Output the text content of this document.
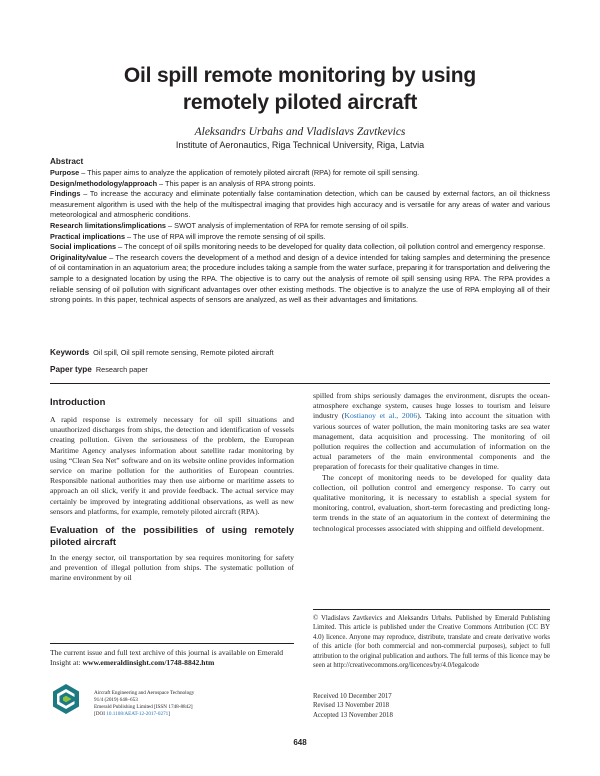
Oil spill remote monitoring by using
remotely piloted aircraft
Aleksandrs Urbahs and Vladislavs Zavtkevics
Institute of Aeronautics, Riga Technical University, Riga, Latvia
Abstract

Purpose – This paper aims to analyze the application of remotely piloted aircraft (RPA) for remote oil spill sensing.

Design/methodology/approach – This paper is an analysis of RPA strong points.

Findings – To increase the accuracy and eliminate potentially false contamination detection, which can be caused by external factors, an oil thickness measurement algorithm is used with the help of the multispectral imaging that provides high accuracy and is versatile for any areas of water and various meteorological and atmospheric conditions.

Research limitations/implications – SWOT analysis of implementation of RPA for remote sensing of oil spills.

Practical implications – The use of RPA will improve the remote sensing of oil spills.

Social implications – The concept of oil spills monitoring needs to be developed for quality data collection, oil pollution control and emergency response.

Originality/value – The research covers the development of a method and design of a device intended for taking samples and determining the presence of oil contamination in an aquatorium area; the procedure includes taking a sample from the water surface, preparing it for transportation and delivering the sample to a designated location by using the RPA. The objective is to carry out the analysis of remote oil spill sensing using RPA. The RPA provides a reliable sensing of oil pollution with significant advantages over other existing methods. The objective is to analyze the use of RPA employing all of their strong points. In this paper, technical aspects of sensors are analyzed, as well as their advantages and limitations.

Keywords Oil spill, Oil spill remote sensing, Remote piloted aircraft
Paper type Research paper
Introduction

A rapid response is extremely necessary for oil spill situations and unauthorized discharges from ships, the detection and identification of vessels creating pollution. Given the seriousness of the problem, the European Maritime Agency analyses information about satellite radar monitoring by using “Clean Sea Net” software and on its website online provides information service on marine pollution for the authorities of European countries. Responsible national authorities may then use airborne or maritime assets to approach an oil slick, verify it and provide feedback. The actual service may certainly be improved by integrating additional observations, as well as new sensors and platforms, for example, remotely piloted aircraft (RPA).

Evaluation of the possibilities of using remotely piloted aircraft

In the energy sector, oil transportation by sea requires monitoring for safety and prevention of illegal pollution from ships. The systematic pollution of marine environment by oil

spilled from ships seriously damages the environment, disrupts the ocean-atmosphere exchange system, causes huge losses to tourism and leisure industry (Kostianoy et al., 2006). Taking into account the situation with various sources of water pollution, the main monitoring tasks are sea water management, data acquisition and processing. The monitoring of oil pollution requires the collection and accumulation of information on the actual parameters of the main environmental components and the preparation of forecasts for their qualitative changes in time.

The concept of monitoring needs to be developed for quality data collection, oil pollution control and emergency response. To carry out qualitative monitoring, it is necessary to establish a special system for monitoring, control, evaluation, short-term forecasting and predicting long-term trends in the state of an aquatorium in the context of determining the technological processes associated with shipping and oilfield development.

The current issue and full text archive of this journal is available on Emerald Insight at: www.emeraldinsight.com/1748-8842.htm
Aircraft Engineering and Aerospace Technology
91/4 (2019) 648–653
Emerald Publishing Limited [ISSN 1748-8842]
[DOI 10.1108/AEAT-12-2017-0271]
© Vladislavs Zavtkevics and Aleksandrs Urbahs. Published by Emerald Publishing Limited. This article is published under the Creative Commons Attribution (CC BY 4.0) licence. Anyone may reproduce, distribute, translate and create derivative works of this article (for both commercial and non-commercial purposes), subject to full attribution to the original publication and authors. The full terms of this licence may be seen at http://creativecommons.org/licences/by/4.0/legalcode
Received 10 December 2017
Revised 13 November 2018
Accepted 13 November 2018
648
